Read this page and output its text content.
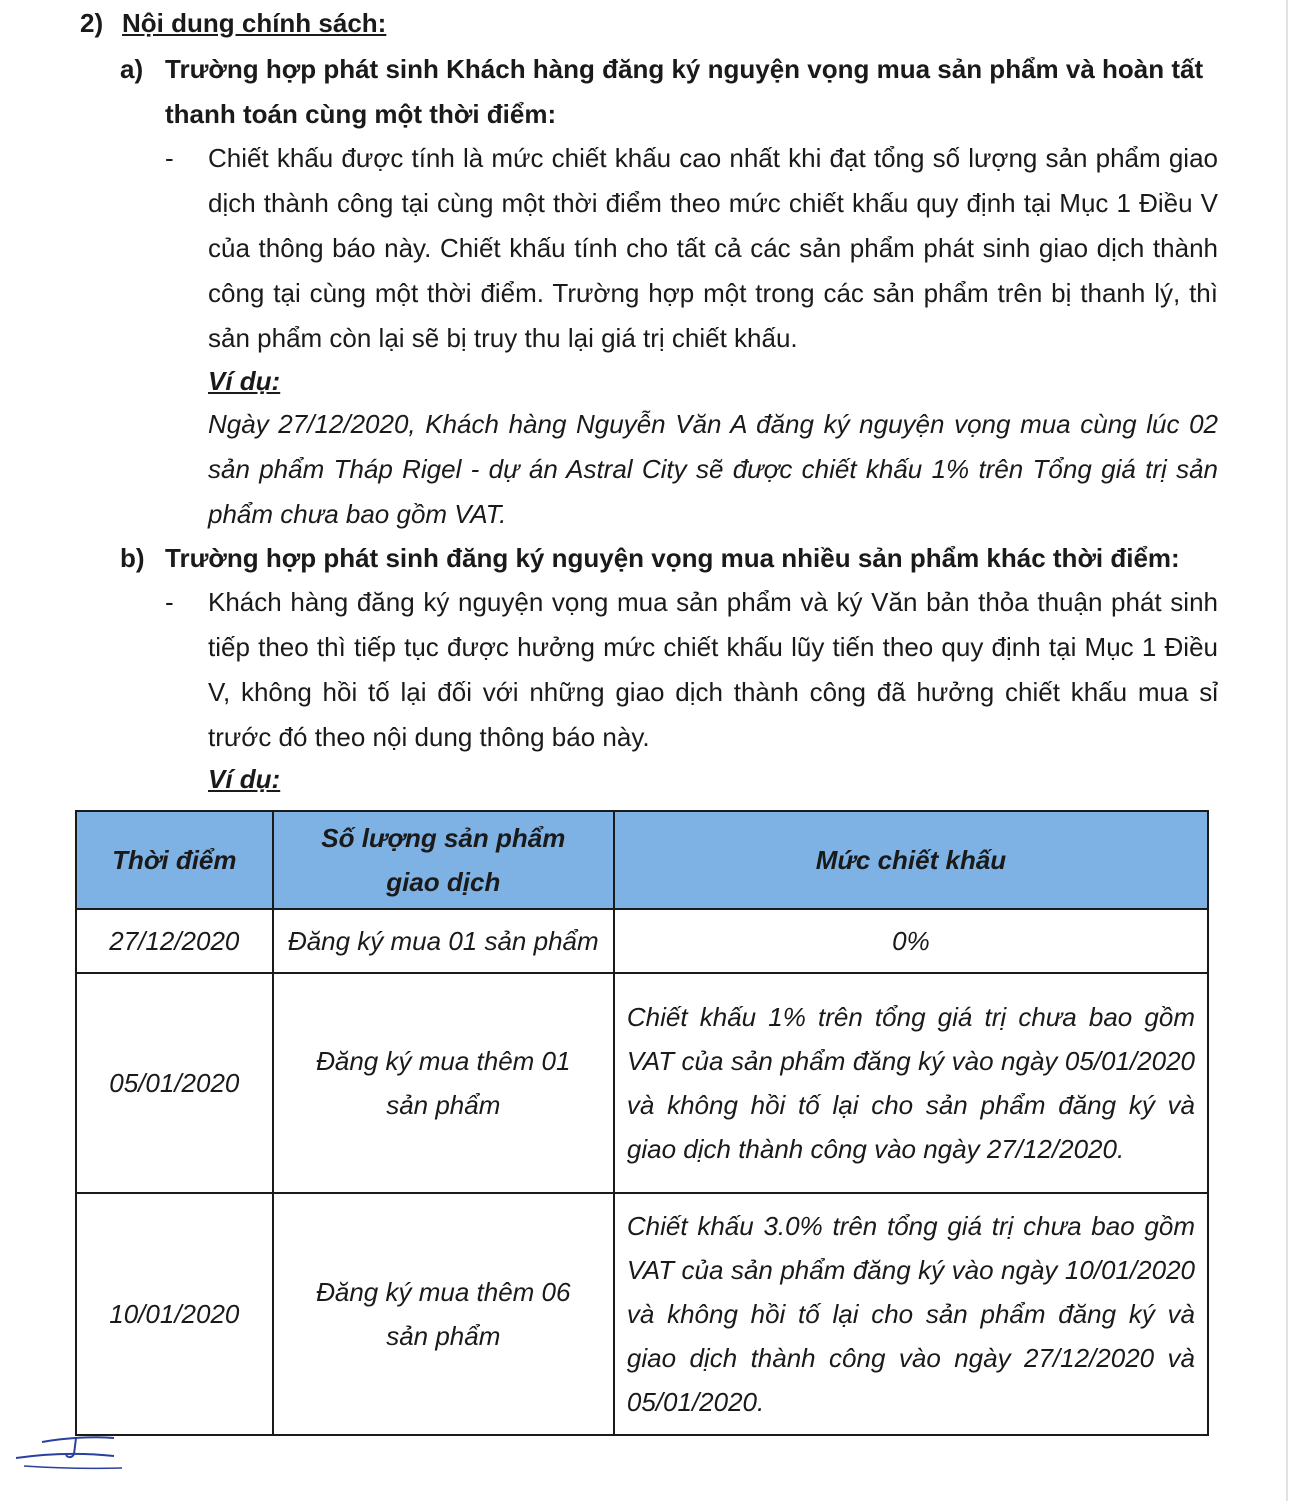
2) Nội dung chính sách:
a) Trường hợp phát sinh Khách hàng đăng ký nguyện vọng mua sản phẩm và hoàn tất thanh toán cùng một thời điểm:
- Chiết khấu được tính là mức chiết khấu cao nhất khi đạt tổng số lượng sản phẩm giao dịch thành công tại cùng một thời điểm theo mức chiết khấu quy định tại Mục 1 Điều V của thông báo này. Chiết khấu tính cho tất cả các sản phẩm phát sinh giao dịch thành công tại cùng một thời điểm. Trường hợp một trong các sản phẩm trên bị thanh lý, thì sản phẩm còn lại sẽ bị truy thu lại giá trị chiết khấu.
Ví dụ:
Ngày 27/12/2020, Khách hàng Nguyễn Văn A đăng ký nguyện vọng mua cùng lúc 02 sản phẩm Tháp Rigel - dự án Astral City sẽ được chiết khấu 1% trên Tổng giá trị sản phẩm chưa bao gồm VAT.
b) Trường hợp phát sinh đăng ký nguyện vọng mua nhiều sản phẩm khác thời điểm:
- Khách hàng đăng ký nguyện vọng mua sản phẩm và ký Văn bản thỏa thuận phát sinh tiếp theo thì tiếp tục được hưởng mức chiết khấu lũy tiến theo quy định tại Mục 1 Điều V, không hồi tố lại đối với những giao dịch thành công đã hưởng chiết khấu mua sỉ trước đó theo nội dung thông báo này.
Ví dụ:
Thời điểm	Số lượng sản phẩm giao dịch	Mức chiết khấu
27/12/2020	Đăng ký mua 01 sản phẩm	0%
05/01/2020	Đăng ký mua thêm 01 sản phẩm	Chiết khấu 1% trên tổng giá trị chưa bao gồm VAT của sản phẩm đăng ký vào ngày 05/01/2020 và không hồi tố lại cho sản phẩm đăng ký và giao dịch thành công vào ngày 27/12/2020.
10/01/2020	Đăng ký mua thêm 06 sản phẩm	Chiết khấu 3.0% trên tổng giá trị chưa bao gồm VAT của sản phẩm đăng ký vào ngày 10/01/2020 và không hồi tố lại cho sản phẩm đăng ký và giao dịch thành công vào ngày 27/12/2020 và 05/01/2020.
